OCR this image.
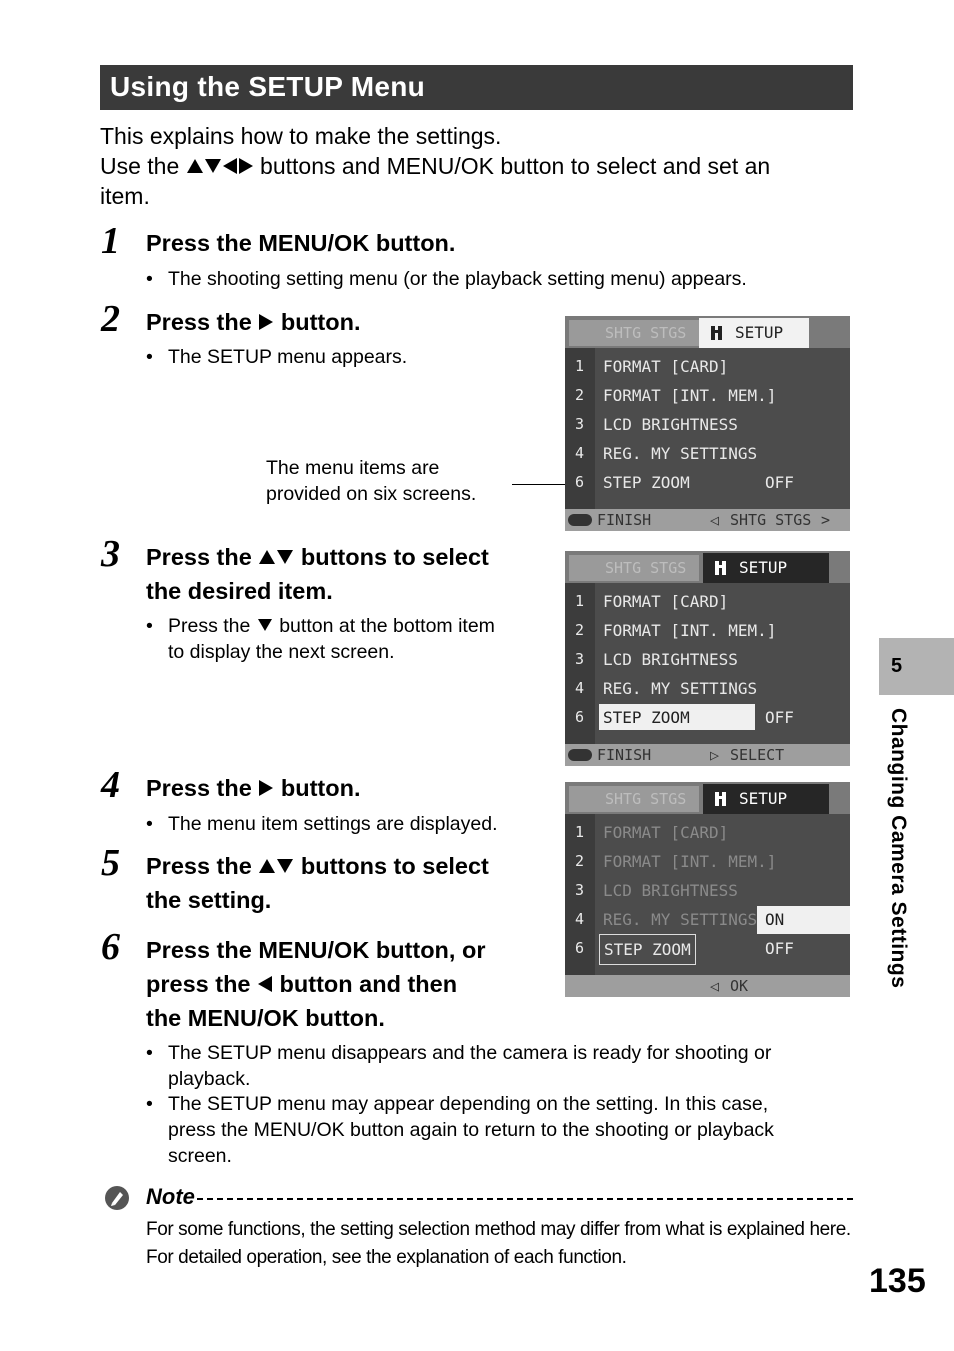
Using the SETUP Menu
This explains how to make the settings.
Use the	buttons and MENU/OK button to select and set an
item.
1 Press the MENU/OK button.
• The shooting setting menu (or the playback setting menu) appears.
2 Press the  button.
• The SETUP menu appears.
The menu items are
provided on six screens.
SHTG STGS	SETUP
1	FORMAT [CARD]
2	FORMAT [INT. MEM.]
3	LCD BRIGHTNESS
4	REG. MY SETTINGS
6	STEP ZOOM	OFF
FINISH	◁ SHTG STGS >
3 Press the  buttons to select
the desired item.
• Press the  button at the bottom item
to display the next screen.
SHTG STGS	SETUP
1	FORMAT [CARD]
2	FORMAT [INT. MEM.]
3	LCD BRIGHTNESS
4	REG. MY SETTINGS
6	STEP ZOOM	OFF
FINISH	▷ SELECT
4 Press the  button.
• The menu item settings are displayed.
5 Press the  buttons to select
the setting.
SHTG STGS	SETUP
1	FORMAT [CARD]
2	FORMAT [INT. MEM.]
3	LCD BRIGHTNESS
4	REG. MY SETTINGS ON
6	STEP ZOOM	OFF
◁ OK
6 Press the MENU/OK button, or
press the  button and then
the MENU/OK button.
• The SETUP menu disappears and the camera is ready for shooting or
playback.
• The SETUP menu may appear depending on the setting. In this case,
press the MENU/OK button again to return to the shooting or playback
screen.
Note
For some functions, the setting selection method may differ from what is explained here.
For detailed operation, see the explanation of each function.
5
Changing Camera Settings
135
